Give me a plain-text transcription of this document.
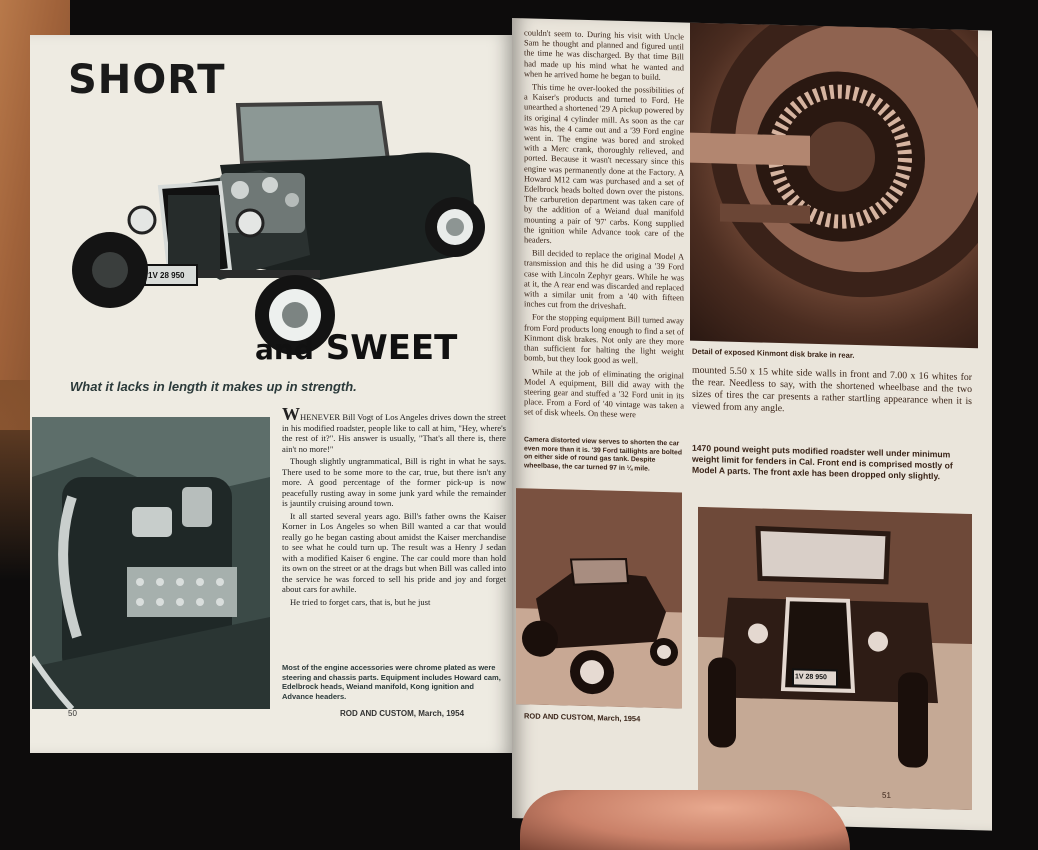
SHORT
1V 28 950
and SWEET

What it lacks in length it makes up in strength.

WHENEVER Bill Vogt of Los Angeles drives down the street in his modified roadster, people like to call at him, "Hey, where's the rest of it?". His answer is usually, "That's all there is, there ain't no more!"

Though slightly ungrammatical, Bill is right in what he says. There used to be some more to the car, true, but there isn't any more. A good percentage of the former pick-up is now peacefully rusting away in some junk yard while the remainder is jauntily cruising around town.

It all started several years ago. Bill's father owns the Kaiser Korner in Los Angeles so when Bill wanted a car that would really go he began casting about amidst the Kaiser merchandise to see what he could turn up. The result was a Henry J sedan with a modified Kaiser 6 engine. The car could more than hold its own on the street or at the drags but when Bill was called into the service he was forced to sell his pride and joy and forget about cars for awhile.

He tried to forget cars, that is, but he just

Most of the engine accessories were chrome plated as were steering and chassis parts. Equipment includes Howard cam, Edelbrock heads, Weiand manifold, Kong ignition and Advance headers.
50	ROD AND CUSTOM, March, 1954

couldn't seem to. During his visit with Uncle Sam he thought and planned and figured until the time he was discharged. By that time Bill had made up his mind what he wanted and when he arrived home he began to build.

This time he over-looked the possibilities of a Kaiser's products and turned to Ford. He unearthed a shortened '29 A pickup powered by its original 4 cylinder mill. As soon as the car was his, the 4 came out and a '39 Ford engine went in. The engine was bored and stroked with a Merc crank, thoroughly relieved, and ported. Because it wasn't necessary since this engine was permanently done at the Factory. A Howard M12 cam was purchased and a set of Edelbrock heads bolted down over the pistons. The carburetion department was taken care of by the addition of a Weiand dual manifold mounting a pair of '97' carbs. Kong supplied the ignition while Advance took care of the headers.

Bill decided to replace the original Model A transmission and this he did using a '39 Ford case with Lincoln Zephyr gears. While he was at it, the A rear end was discarded and replaced with a similar unit from a '40 with fifteen inches cut from the driveshaft.

For the stopping equipment Bill turned away from Ford products long enough to find a set of Kinmont disk brakes. Not only are they more than sufficient for halting the light weight bomb, but they look good as well.

While at the job of eliminating the original Model A equipment, Bill did away with the steering gear and stuffed a '32 Ford unit in its place. From a Ford of '40 vintage was taken a set of disk wheels. On these were

Detail of exposed Kinmont disk brake in rear.
mounted 5.50 x 15 white side walls in front and 7.00 x 16 whites for the rear. Needless to say, with the shortened wheelbase and the two sizes of tires the car presents a rather startling appearance when it is viewed from any angle.
Camera distorted view serves to shorten the car even more than it is. '39 Ford taillights are bolted on either side of round gas tank. Despite wheelbase, the car turned 97 in ¼ mile.
1470 pound weight puts modified roadster well under minimum weight limit for fenders in Cal. Front end is comprised mostly of Model A parts. The front axle has been dropped only slightly.
1V 28 950
ROD AND CUSTOM, March, 1954
51
